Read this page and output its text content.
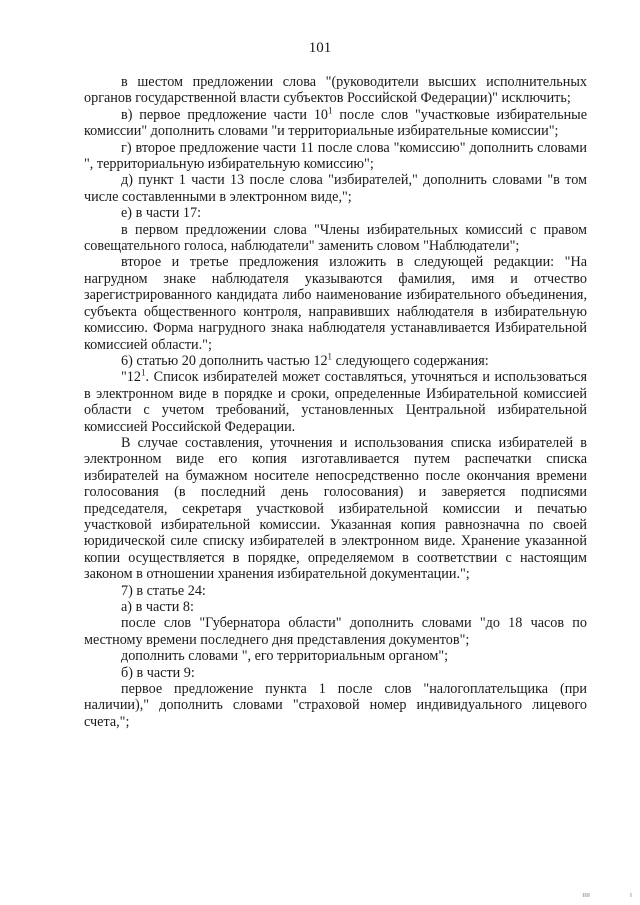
101

в шестом предложении слова "(руководители высших исполнительных органов государственной власти субъектов Российской Федерации)" исключить;

в) первое предложение части $10^1$ после слов "участковые избирательные комиссии" дополнить словами "и территориальные избирательные комиссии";

г) второе предложение части 11 после слова "комиссию" дополнить словами ", территориальную избирательную комиссию";

д) пункт 1 части 13 после слова "избирателей," дополнить словами "в том числе составленными в электронном виде,";

е) в части 17:

в первом предложении слова "Члены избирательных комиссий с правом совещательного голоса, наблюдатели" заменить словом "Наблюдатели";

второе и третье предложения изложить в следующей редакции: "На нагрудном знаке наблюдателя указываются фамилия, имя и отчество зарегистрированного кандидата либо наименование избирательного объединения, субъекта общественного контроля, направивших наблюдателя в избирательную комиссию. Форма нагрудного знака наблюдателя устанавливается Избирательной комиссией области.";

6) статью 20 дополнить частью $12^1$ следующего содержания:

"$12^1$. Список избирателей может составляться, уточняться и использоваться в электронном виде в порядке и сроки, определенные Избирательной комиссией области с учетом требований, установленных Центральной избирательной комиссией Российской Федерации.

В случае составления, уточнения и использования списка избирателей в электронном виде его копия изготавливается путем распечатки списка избирателей на бумажном носителе непосредственно после окончания времени голосования (в последний день голосования) и заверяется подписями председателя, секретаря участковой избирательной комиссии и печатью участковой избирательной комиссии. Указанная копия равнозначна по своей юридической силе списку избирателей в электронном виде. Хранение указанной копии осуществляется в порядке, определяемом в соответствии с настоящим законом в отношении хранения избирательной документации.";

7) в статье 24:

а) в части 8:

после слов "Губернатора области" дополнить словами "до 18 часов по местному времени последнего дня представления документов";

дополнить словами ", его территориальным органом";

б) в части 9:

первое предложение пункта 1 после слов "налогоплательщика (при наличии)," дополнить словами "страховой номер индивидуального лицевого счета,";

ıııı	ı
